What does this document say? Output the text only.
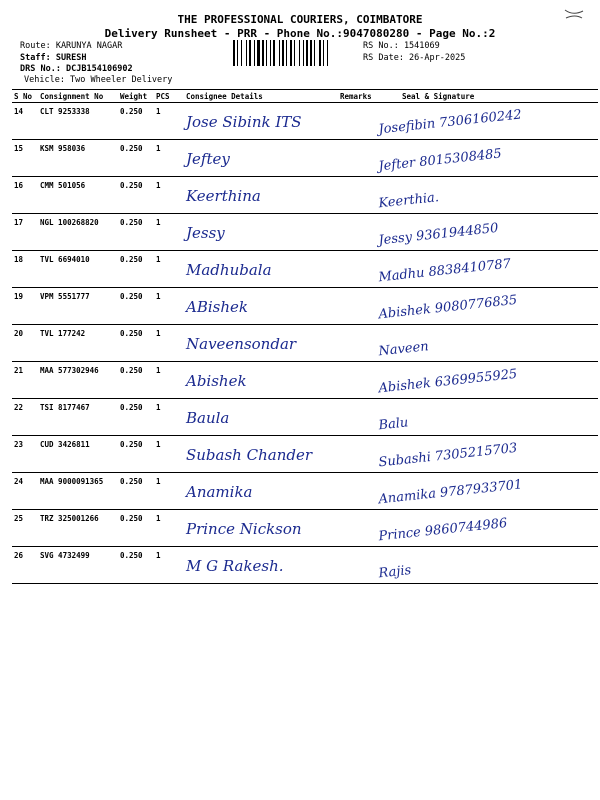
THE PROFESSIONAL COURIERS, COIMBATORE
Delivery Runsheet - PRR - Phone No.:9047080280 - Page No.:2
Route: KARUNYA NAGAR
Staff: SURESH
DRS No.: DCJB154106902
Vehicle: Two Wheeler Delivery
RS No.: 1541069
RS Date: 26-Apr-2025
S No	Consignment No	Weight	PCS	Consignee Details	Remarks	Seal & Signature
14	CLT 9253338	0.250	1	Jose Sibink ITS		Josefibin 7306160242

15	KSM 958036	0.250	1	Jeftey		Jefter 8015308485

16	CMM 501056	0.250	1	Keerthina		Keerthia.

17	NGL 100268820	0.250	1	Jessy		Jessy 9361944850

18	TVL 6694010	0.250	1	Madhubala		Madhu 8838410787

19	VPM 5551777	0.250	1	ABishek		Abishek 9080776835

20	TVL 177242	0.250	1	Naveensondar		Naveen

21	MAA 577302946	0.250	1	Abishek		Abishek 6369955925

22	TSI 8177467	0.250	1	Baula		Balu

23	CUD 3426811	0.250	1	Subash Chander		Subashi 7305215703

24	MAA 9000091365	0.250	1	Anamika		Anamika 9787933701

25	TRZ 325001266	0.250	1	Prince Nickson		Prince 9860744986

26	SVG 4732499	0.250	1	M G Rakesh.		Rajis
